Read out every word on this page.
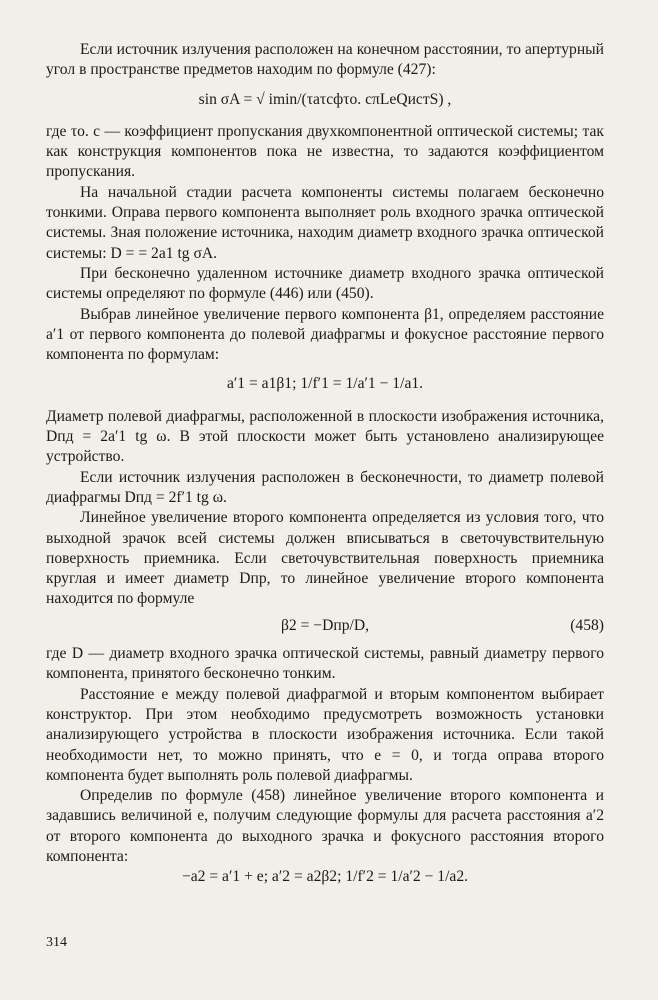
Если источник излучения расположен на конечном расстоянии, то апертурный угол в пространстве предметов находим по формуле (427):

sin σA = √ imin/(τaτcфτo. cπLeQистS) ,

где τo. c — коэффициент пропускания двухкомпонентной оптической системы; так как конструкция компонентов пока не известна, то задаются коэффициентом пропускания.

На начальной стадии расчета компоненты системы полагаем бесконечно тонкими. Оправа первого компонента выполняет роль входного зрачка оптической системы. Зная положение источника, находим диаметр входного зрачка оптической системы: D = = 2a1 tg σA.

При бесконечно удаленном источнике диаметр входного зрачка оптической системы определяют по формуле (446) или (450).

Выбрав линейное увеличение первого компонента β1, определяем расстояние a′1 от первого компонента до полевой диафрагмы и фокусное расстояние первого компонента по формулам:

a′1 = a1β1; 1/f′1 = 1/a′1 − 1/a1.

Диаметр полевой диафрагмы, расположенной в плоскости изображения источника, Dпд = 2a′1 tg ω. В этой плоскости может быть установлено анализирующее устройство.

Если источник излучения расположен в бесконечности, то диаметр полевой диафрагмы Dпд = 2f′1 tg ω.

Линейное увеличение второго компонента определяется из условия того, что выходной зрачок всей системы должен вписываться в светочувствительную поверхность приемника. Если светочувствительная поверхность приемника круглая и имеет диаметр Dпр, то линейное увеличение второго компонента находится по формуле

β2 = −Dпр/D,	(458)

где D — диаметр входного зрачка оптической системы, равный диаметру первого компонента, принятого бесконечно тонким.

Расстояние e между полевой диафрагмой и вторым компонентом выбирает конструктор. При этом необходимо предусмотреть возможность установки анализирующего устройства в плоскости изображения источника. Если такой необходимости нет, то можно принять, что e = 0, и тогда оправа второго компонента будет выполнять роль полевой диафрагмы.

Определив по формуле (458) линейное увеличение второго компонента и задавшись величиной e, получим следующие формулы для расчета расстояния a′2 от второго компонента до выходного зрачка и фокусного расстояния второго компонента:

−a2 = a′1 + e; a′2 = a2β2; 1/f′2 = 1/a′2 − 1/a2.

314
